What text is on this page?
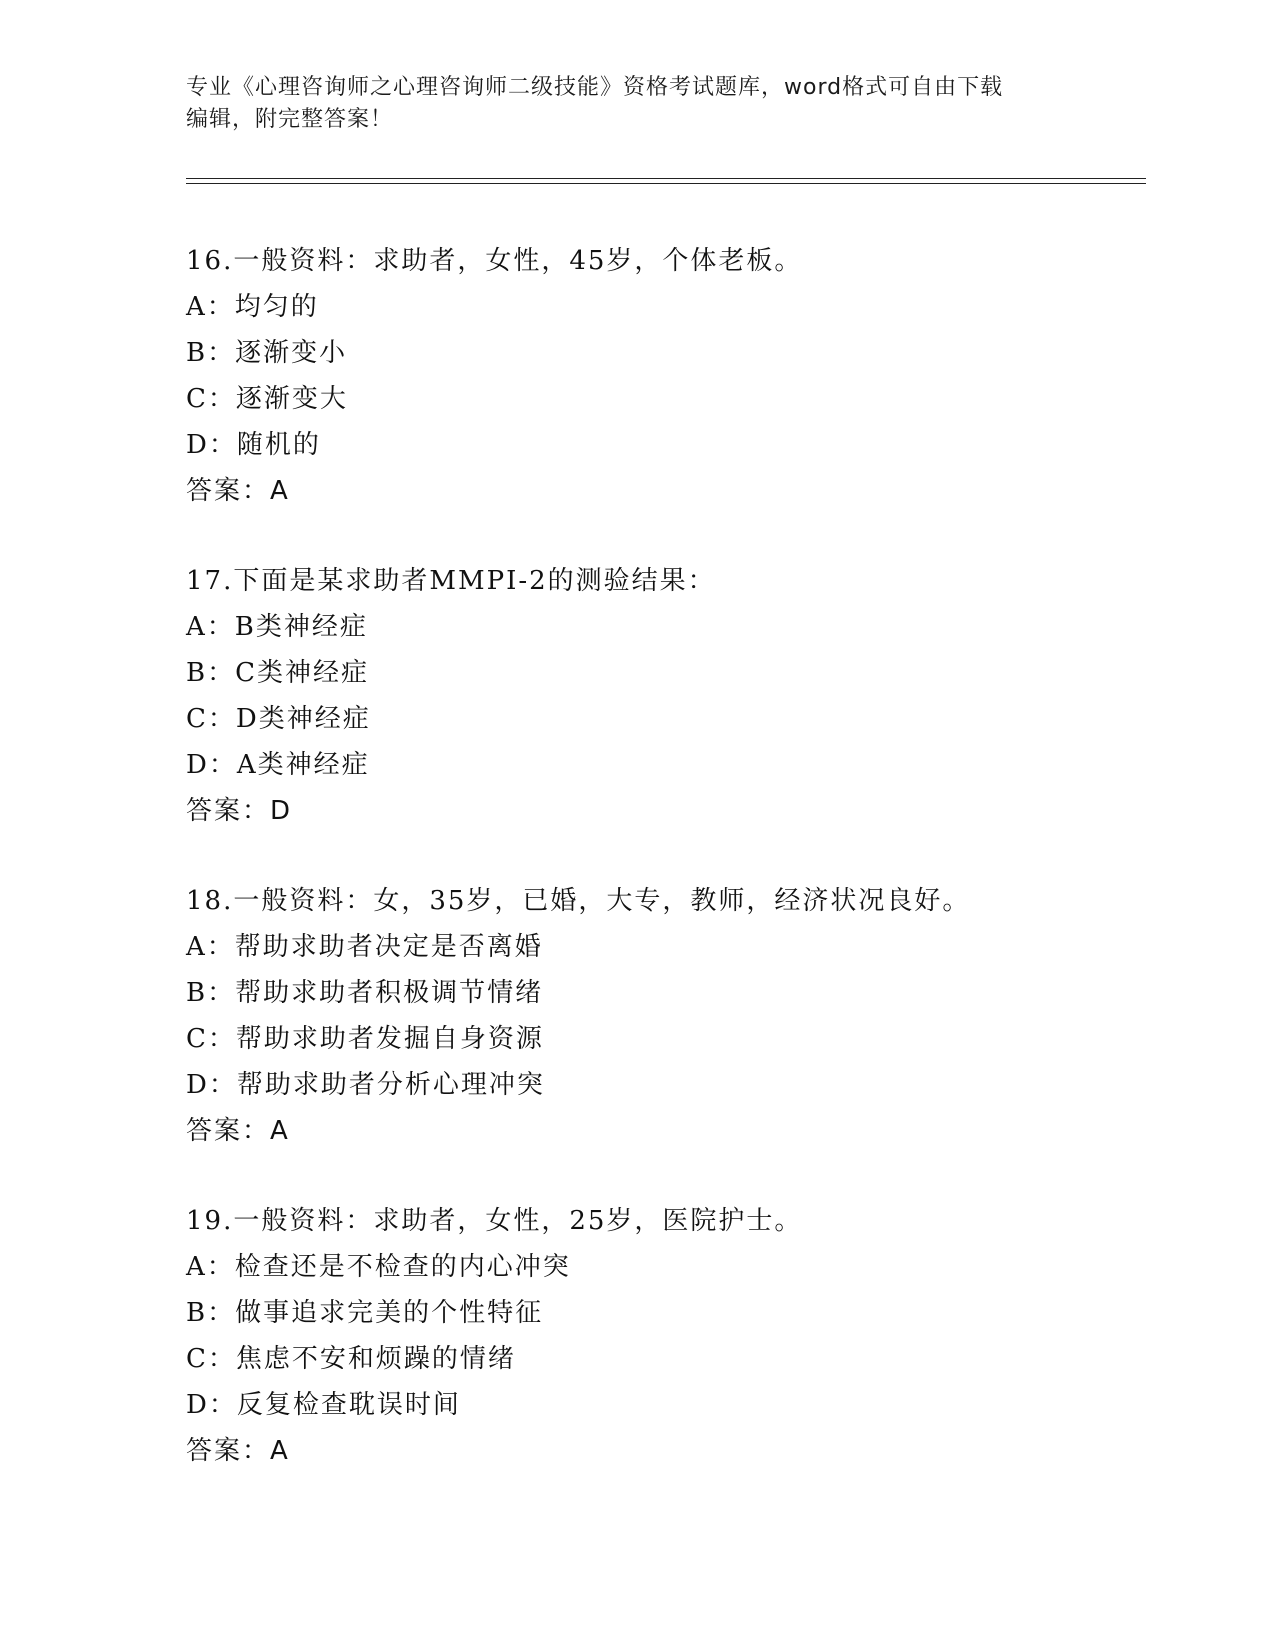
专业《心理咨询师之心理咨询师二级技能》资格考试题库，word格式可自由下载
编辑，附完整答案！
16.一般资料：求助者，女性，45岁，个体老板。
A：均匀的
B：逐渐变小
C：逐渐变大
D：随机的
答案：A
17.下面是某求助者MMPI-2的测验结果：
A：B类神经症
B：C类神经症
C：D类神经症
D：A类神经症
答案：D
18.一般资料：女，35岁，已婚，大专，教师，经济状况良好。
A：帮助求助者决定是否离婚
B：帮助求助者积极调节情绪
C：帮助求助者发掘自身资源
D：帮助求助者分析心理冲突
答案：A
19.一般资料：求助者，女性，25岁，医院护士。
A：检查还是不检查的内心冲突
B：做事追求完美的个性特征
C：焦虑不安和烦躁的情绪
D：反复检查耽误时间
答案：A
